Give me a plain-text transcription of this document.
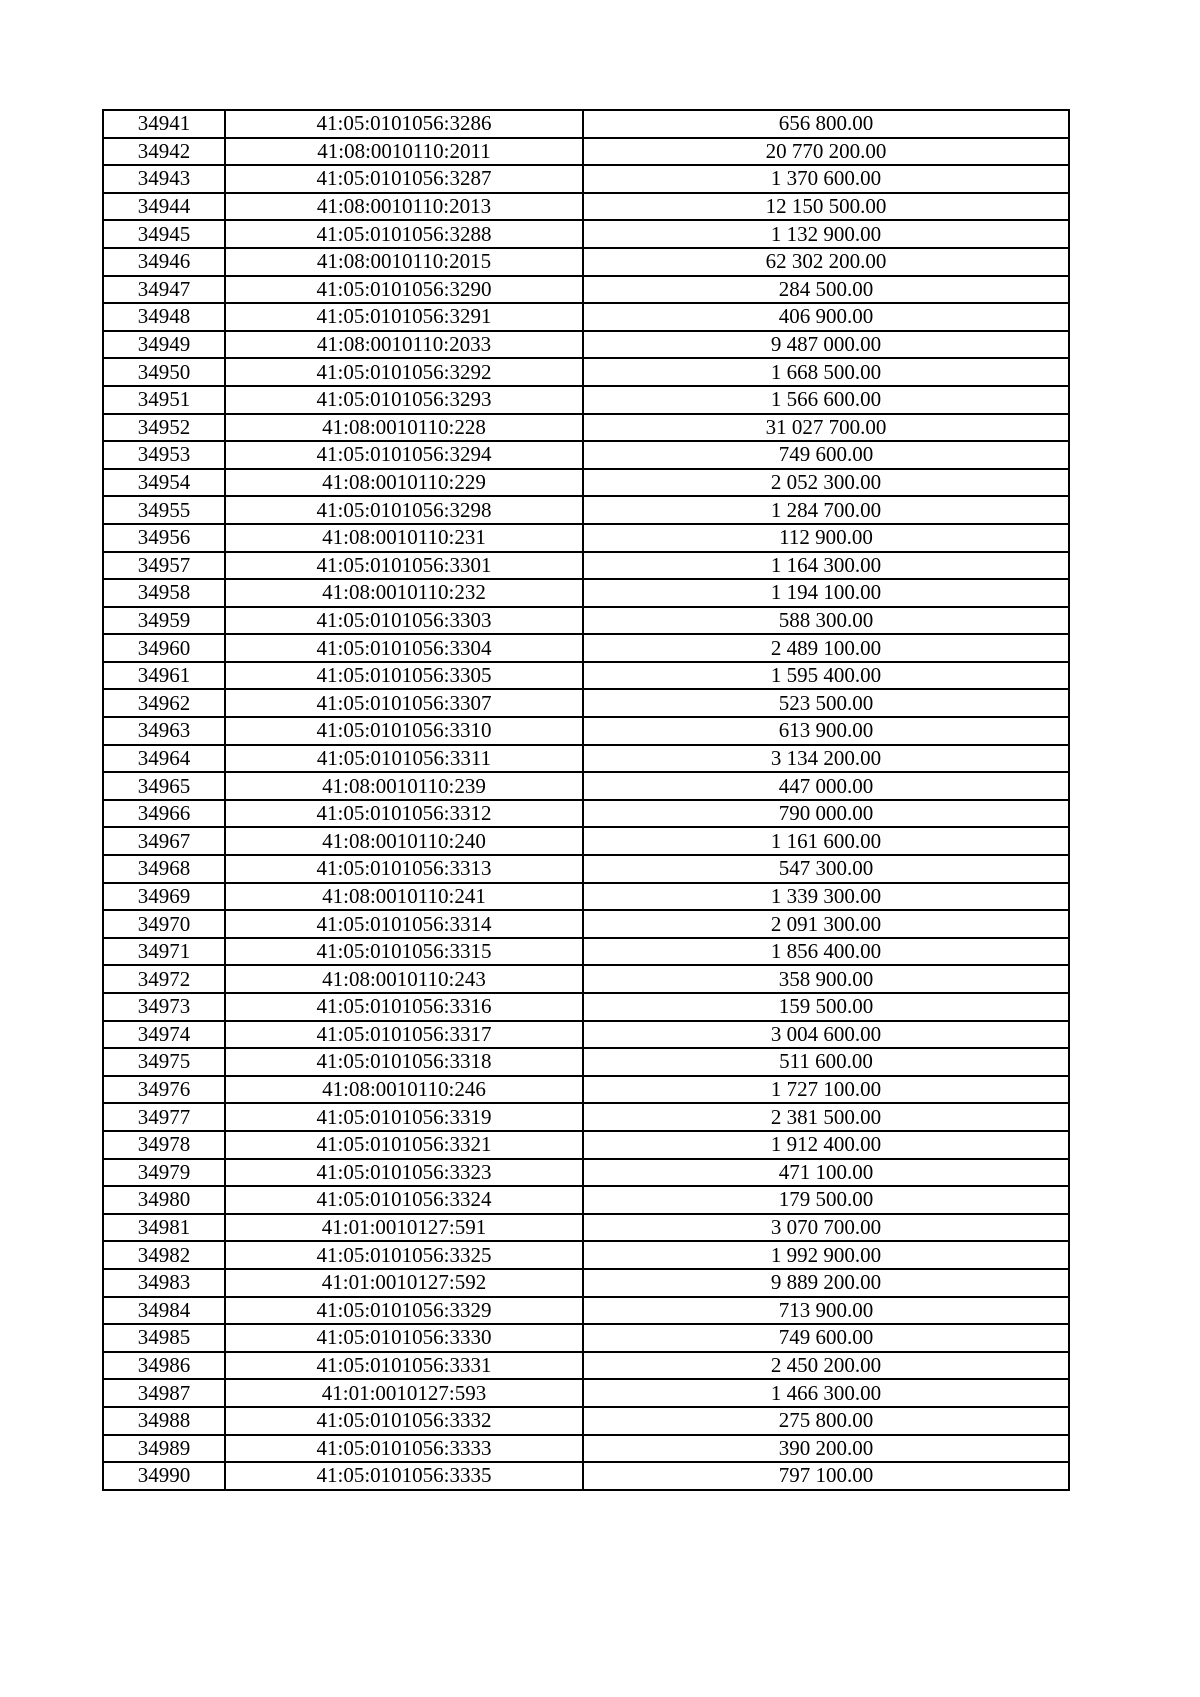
34941	41:05:0101056:3286	656 800.00
34942	41:08:0010110:2011	20 770 200.00
34943	41:05:0101056:3287	1 370 600.00
34944	41:08:0010110:2013	12 150 500.00
34945	41:05:0101056:3288	1 132 900.00
34946	41:08:0010110:2015	62 302 200.00
34947	41:05:0101056:3290	284 500.00
34948	41:05:0101056:3291	406 900.00
34949	41:08:0010110:2033	9 487 000.00
34950	41:05:0101056:3292	1 668 500.00
34951	41:05:0101056:3293	1 566 600.00
34952	41:08:0010110:228	31 027 700.00
34953	41:05:0101056:3294	749 600.00
34954	41:08:0010110:229	2 052 300.00
34955	41:05:0101056:3298	1 284 700.00
34956	41:08:0010110:231	112 900.00
34957	41:05:0101056:3301	1 164 300.00
34958	41:08:0010110:232	1 194 100.00
34959	41:05:0101056:3303	588 300.00
34960	41:05:0101056:3304	2 489 100.00
34961	41:05:0101056:3305	1 595 400.00
34962	41:05:0101056:3307	523 500.00
34963	41:05:0101056:3310	613 900.00
34964	41:05:0101056:3311	3 134 200.00
34965	41:08:0010110:239	447 000.00
34966	41:05:0101056:3312	790 000.00
34967	41:08:0010110:240	1 161 600.00
34968	41:05:0101056:3313	547 300.00
34969	41:08:0010110:241	1 339 300.00
34970	41:05:0101056:3314	2 091 300.00
34971	41:05:0101056:3315	1 856 400.00
34972	41:08:0010110:243	358 900.00
34973	41:05:0101056:3316	159 500.00
34974	41:05:0101056:3317	3 004 600.00
34975	41:05:0101056:3318	511 600.00
34976	41:08:0010110:246	1 727 100.00
34977	41:05:0101056:3319	2 381 500.00
34978	41:05:0101056:3321	1 912 400.00
34979	41:05:0101056:3323	471 100.00
34980	41:05:0101056:3324	179 500.00
34981	41:01:0010127:591	3 070 700.00
34982	41:05:0101056:3325	1 992 900.00
34983	41:01:0010127:592	9 889 200.00
34984	41:05:0101056:3329	713 900.00
34985	41:05:0101056:3330	749 600.00
34986	41:05:0101056:3331	2 450 200.00
34987	41:01:0010127:593	1 466 300.00
34988	41:05:0101056:3332	275 800.00
34989	41:05:0101056:3333	390 200.00
34990	41:05:0101056:3335	797 100.00
